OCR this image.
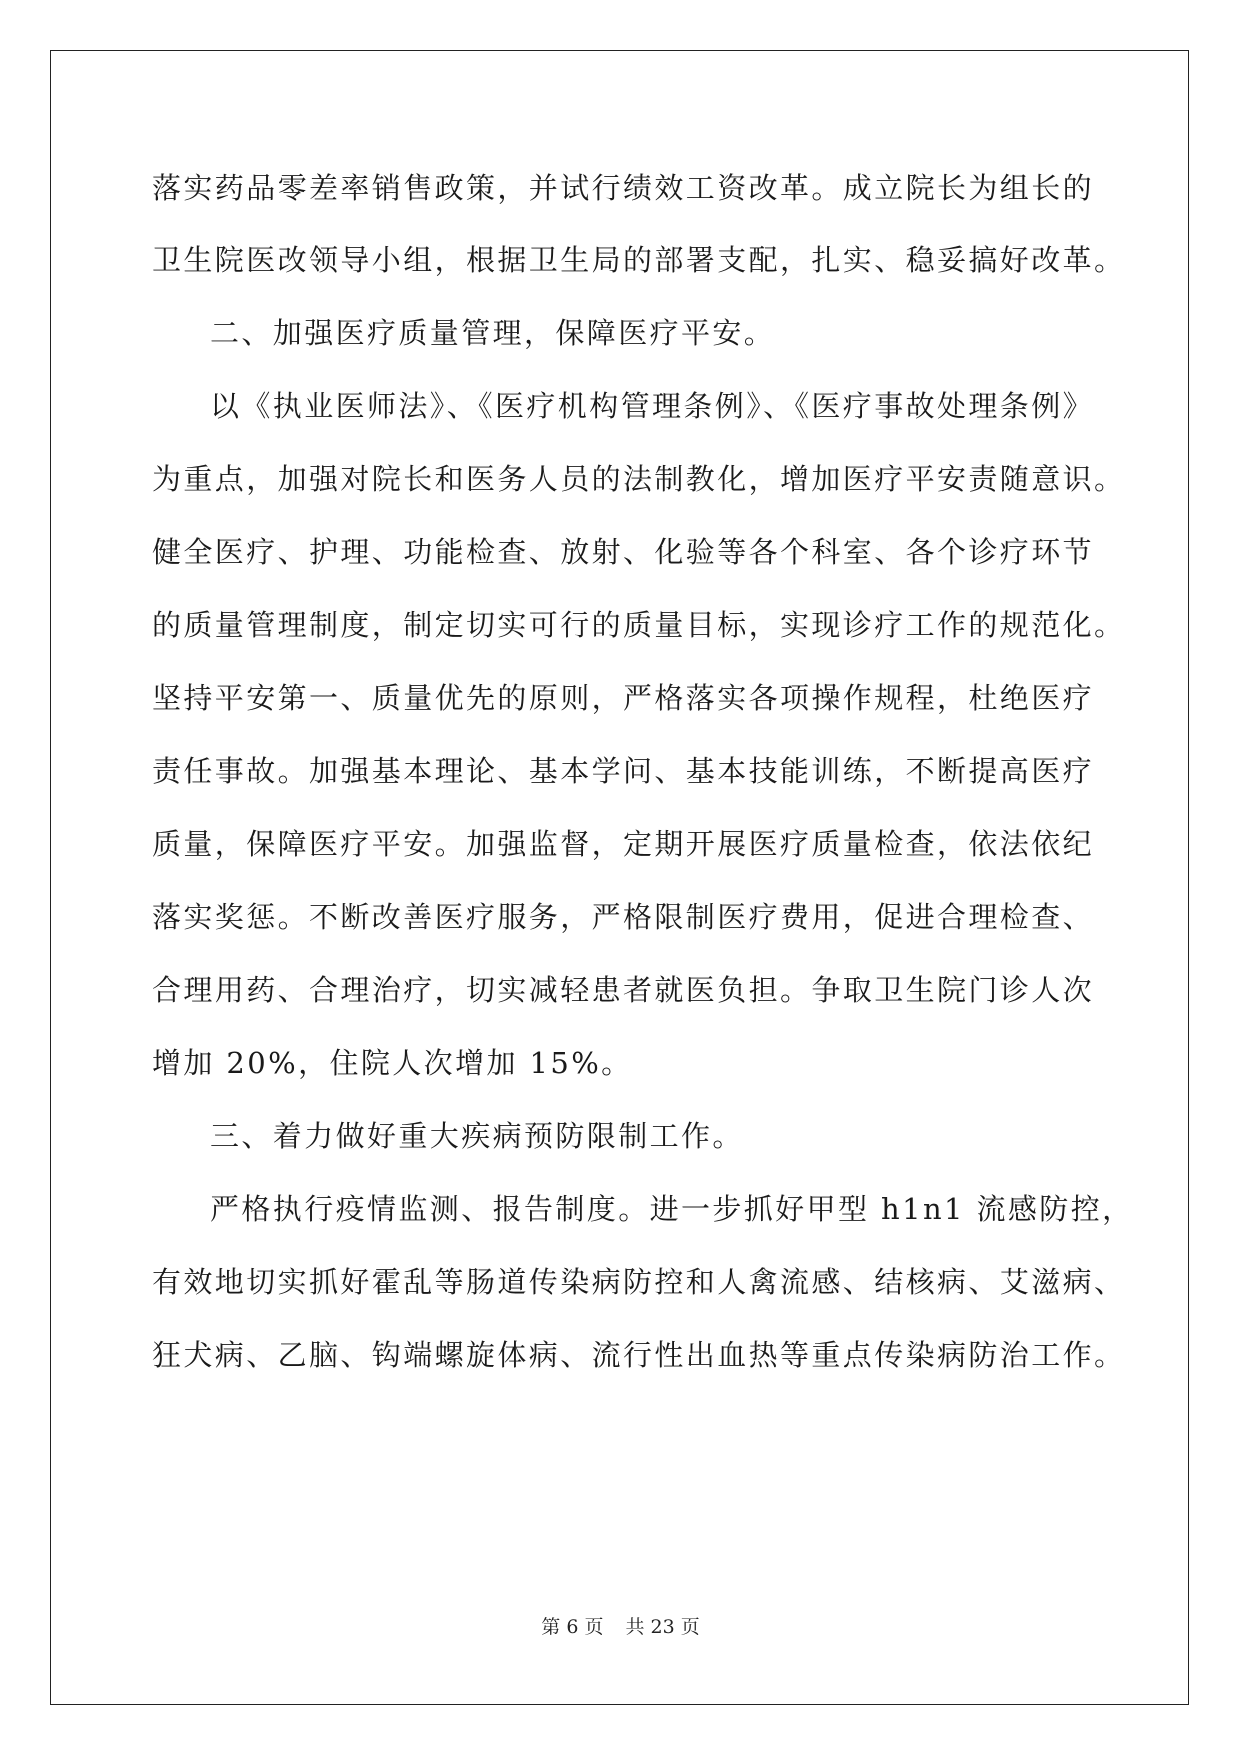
落实药品零差率销售政策，并试行绩效工资改革。成立院长为组长的
卫生院医改领导小组，根据卫生局的部署支配，扎实、稳妥搞好改革。
二、加强医疗质量管理，保障医疗平安。
以《执业医师法》、《医疗机构管理条例》、《医疗事故处理条例》
为重点，加强对院长和医务人员的法制教化，增加医疗平安责随意识。
健全医疗、护理、功能检查、放射、化验等各个科室、各个诊疗环节
的质量管理制度，制定切实可行的质量目标，实现诊疗工作的规范化。
坚持平安第一、质量优先的原则，严格落实各项操作规程，杜绝医疗
责任事故。加强基本理论、基本学问、基本技能训练，不断提高医疗
质量，保障医疗平安。加强监督，定期开展医疗质量检查，依法依纪
落实奖惩。不断改善医疗服务，严格限制医疗费用，促进合理检查、
合理用药、合理治疗，切实减轻患者就医负担。争取卫生院门诊人次
增加 20%，住院人次增加 15%。
三、着力做好重大疾病预防限制工作。
严格执行疫情监测、报告制度。进一步抓好甲型 h1n1 流感防控，
有效地切实抓好霍乱等肠道传染病防控和人禽流感、结核病、艾滋病、
狂犬病、乙脑、钩端螺旋体病、流行性出血热等重点传染病防治工作。
第 6 页 共 23 页
